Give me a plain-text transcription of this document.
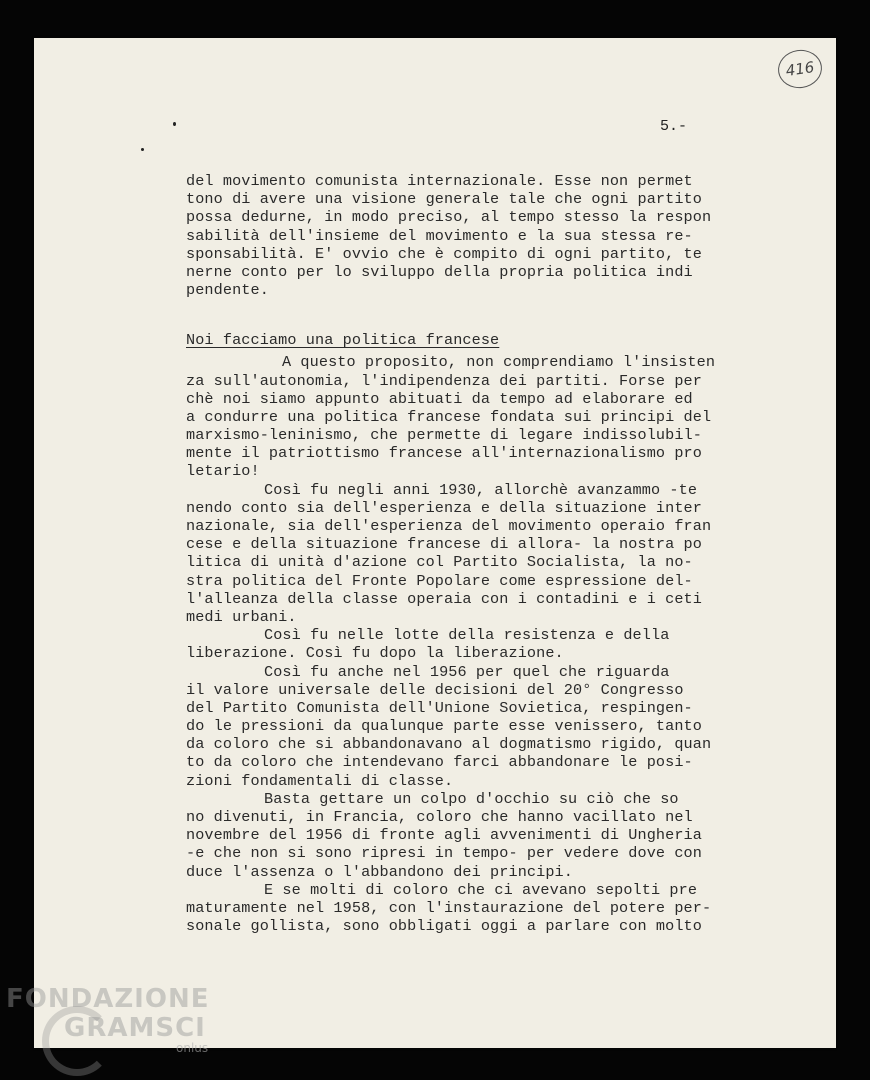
416
5.-
del movimento comunista internazionale. Esse non permet
tono di avere una visione generale tale che ogni partito
possa dedurne, in modo preciso, al tempo stesso la respon
sabilità dell'insieme del movimento e la sua stessa re-
sponsabilità. E' ovvio che è compito di ogni partito, te
nerne conto per lo sviluppo della propria politica indi
pendente.
Noi facciamo una politica francese
A questo proposito, non comprendiamo l'insisten
za sull'autonomia, l'indipendenza dei partiti. Forse per
chè noi siamo appunto abituati da tempo ad elaborare ed
a condurre una politica francese fondata sui principi del
marxismo-leninismo, che permette di legare indissolubil-
mente il patriottismo francese all'internazionalismo pro
letario!
Così fu negli anni 1930, allorchè avanzammo -te
nendo conto sia dell'esperienza e della situazione inter
nazionale, sia dell'esperienza del movimento operaio fran
cese e della situazione francese di allora- la nostra po
litica di unità d'azione col Partito Socialista, la no-
stra politica del Fronte Popolare come espressione del-
l'alleanza della classe operaia con i contadini e i ceti
medi urbani.
Così fu nelle lotte della resistenza e della
liberazione. Così fu dopo la liberazione.
Così fu anche nel 1956 per quel che riguarda
il valore universale delle decisioni del 20° Congresso
del Partito Comunista dell'Unione Sovietica, respingen-
do le pressioni da qualunque parte esse venissero, tanto
da coloro che si abbandonavano al dogmatismo rigido, quan
to da coloro che intendevano farci abbandonare le posi-
zioni fondamentali di classe.
Basta gettare un colpo d'occhio su ciò che so
no divenuti, in Francia, coloro che hanno vacillato nel
novembre del 1956 di fronte agli avvenimenti di Ungheria
-e che non si sono ripresi in tempo- per vedere dove con
duce l'assenza o l'abbandono dei principi.
E se molti di coloro che ci avevano sepolti pre
maturamente nel 1958, con l'instaurazione del potere per-
sonale gollista, sono obbligati oggi a parlare con molto
FONDAZIONE
GRAMSCI
onlus
